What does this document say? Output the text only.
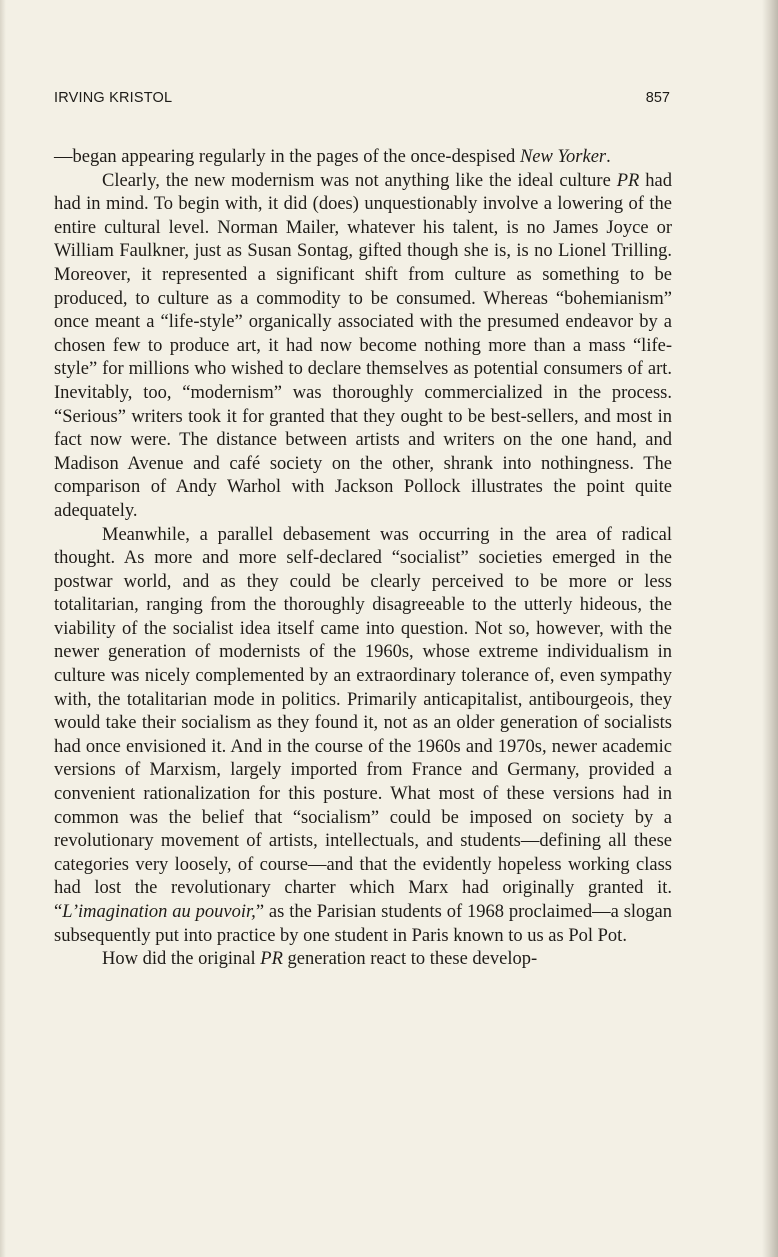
IRVING KRISTOL	857

—began appearing regularly in the pages of the once-despised New Yorker.

Clearly, the new modernism was not anything like the ideal culture PR had had in mind. To begin with, it did (does) unquestionably involve a lowering of the entire cultural level. Norman Mailer, whatever his talent, is no James Joyce or William Faulkner, just as Susan Sontag, gifted though she is, is no Lionel Trilling. Moreover, it represented a significant shift from culture as something to be produced, to culture as a commodity to be consumed. Whereas “bohemianism” once meant a “life-style” organically associated with the presumed endeavor by a chosen few to produce art, it had now become nothing more than a mass “life-style” for millions who wished to declare themselves as potential consumers of art. Inevitably, too, “modernism” was thoroughly commercialized in the process. “Serious” writers took it for granted that they ought to be best-sellers, and most in fact now were. The distance between artists and writers on the one hand, and Madison Avenue and café society on the other, shrank into nothingness. The comparison of Andy Warhol with Jackson Pollock illustrates the point quite adequately.

Meanwhile, a parallel debasement was occurring in the area of radical thought. As more and more self-declared “socialist” societies emerged in the postwar world, and as they could be clearly perceived to be more or less totalitarian, ranging from the thoroughly disagreeable to the utterly hideous, the viability of the socialist idea itself came into question. Not so, however, with the newer generation of modernists of the 1960s, whose extreme individualism in culture was nicely complemented by an extraordinary tolerance of, even sympathy with, the totalitarian mode in politics. Primarily anticapitalist, antibourgeois, they would take their socialism as they found it, not as an older generation of socialists had once envisioned it. And in the course of the 1960s and 1970s, newer academic versions of Marxism, largely imported from France and Germany, provided a convenient rationalization for this posture. What most of these versions had in common was the belief that “socialism” could be imposed on society by a revolutionary movement of artists, intellectuals, and students—defining all these categories very loosely, of course—and that the evidently hopeless working class had lost the revolutionary charter which Marx had originally granted it. “L’imagination au pouvoir,” as the Parisian students of 1968 proclaimed—a slogan subsequently put into practice by one student in Paris known to us as Pol Pot.

How did the original PR generation react to these develop-
